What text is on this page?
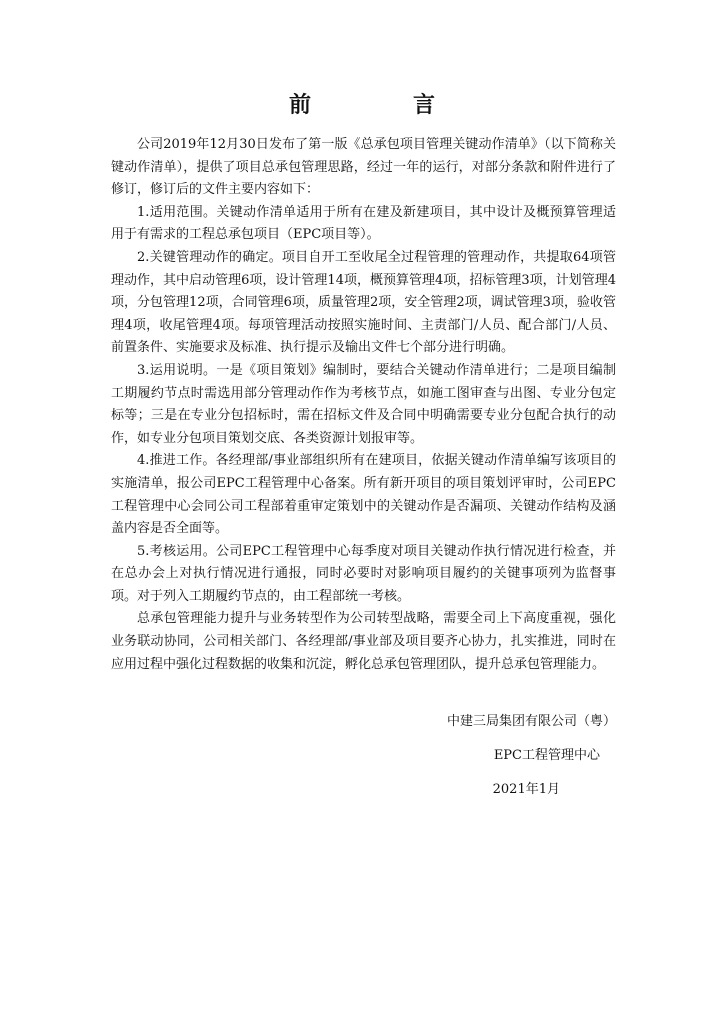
前　言

公司2019年12月30日发布了第一版《总承包项目管理关键动作清单》（以下简称关键动作清单），提供了项目总承包管理思路，经过一年的运行，对部分条款和附件进行了修订，修订后的文件主要内容如下：

1.适用范围。关键动作清单适用于所有在建及新建项目，其中设计及概预算管理适用于有需求的工程总承包项目（EPC项目等）。

2.关键管理动作的确定。项目自开工至收尾全过程管理的管理动作，共提取64项管理动作，其中启动管理6项，设计管理14项，概预算管理4项，招标管理3项，计划管理4项，分包管理12项，合同管理6项，质量管理2项，安全管理2项，调试管理3项，验收管理4项，收尾管理4项。每项管理活动按照实施时间、主责部门/人员、配合部门/人员、前置条件、实施要求及标准、执行提示及输出文件七个部分进行明确。

3.运用说明。一是《项目策划》编制时，要结合关键动作清单进行；二是项目编制工期履约节点时需选用部分管理动作作为考核节点，如施工图审查与出图、专业分包定标等；三是在专业分包招标时，需在招标文件及合同中明确需要专业分包配合执行的动作，如专业分包项目策划交底、各类资源计划报审等。

4.推进工作。各经理部/事业部组织所有在建项目，依据关键动作清单编写该项目的实施清单，报公司EPC工程管理中心备案。所有新开项目的项目策划评审时，公司EPC工程管理中心会同公司工程部着重审定策划中的关键动作是否漏项、关键动作结构及涵盖内容是否全面等。

5.考核运用。公司EPC工程管理中心每季度对项目关键动作执行情况进行检查，并在总办会上对执行情况进行通报，同时必要时对影响项目履约的关键事项列为监督事项。对于列入工期履约节点的，由工程部统一考核。

总承包管理能力提升与业务转型作为公司转型战略，需要全司上下高度重视，强化业务联动协同，公司相关部门、各经理部/事业部及项目要齐心协力，扎实推进，同时在应用过程中强化过程数据的收集和沉淀，孵化总承包管理团队，提升总承包管理能力。

中建三局集团有限公司（粤）
EPC工程管理中心
2021年1月
